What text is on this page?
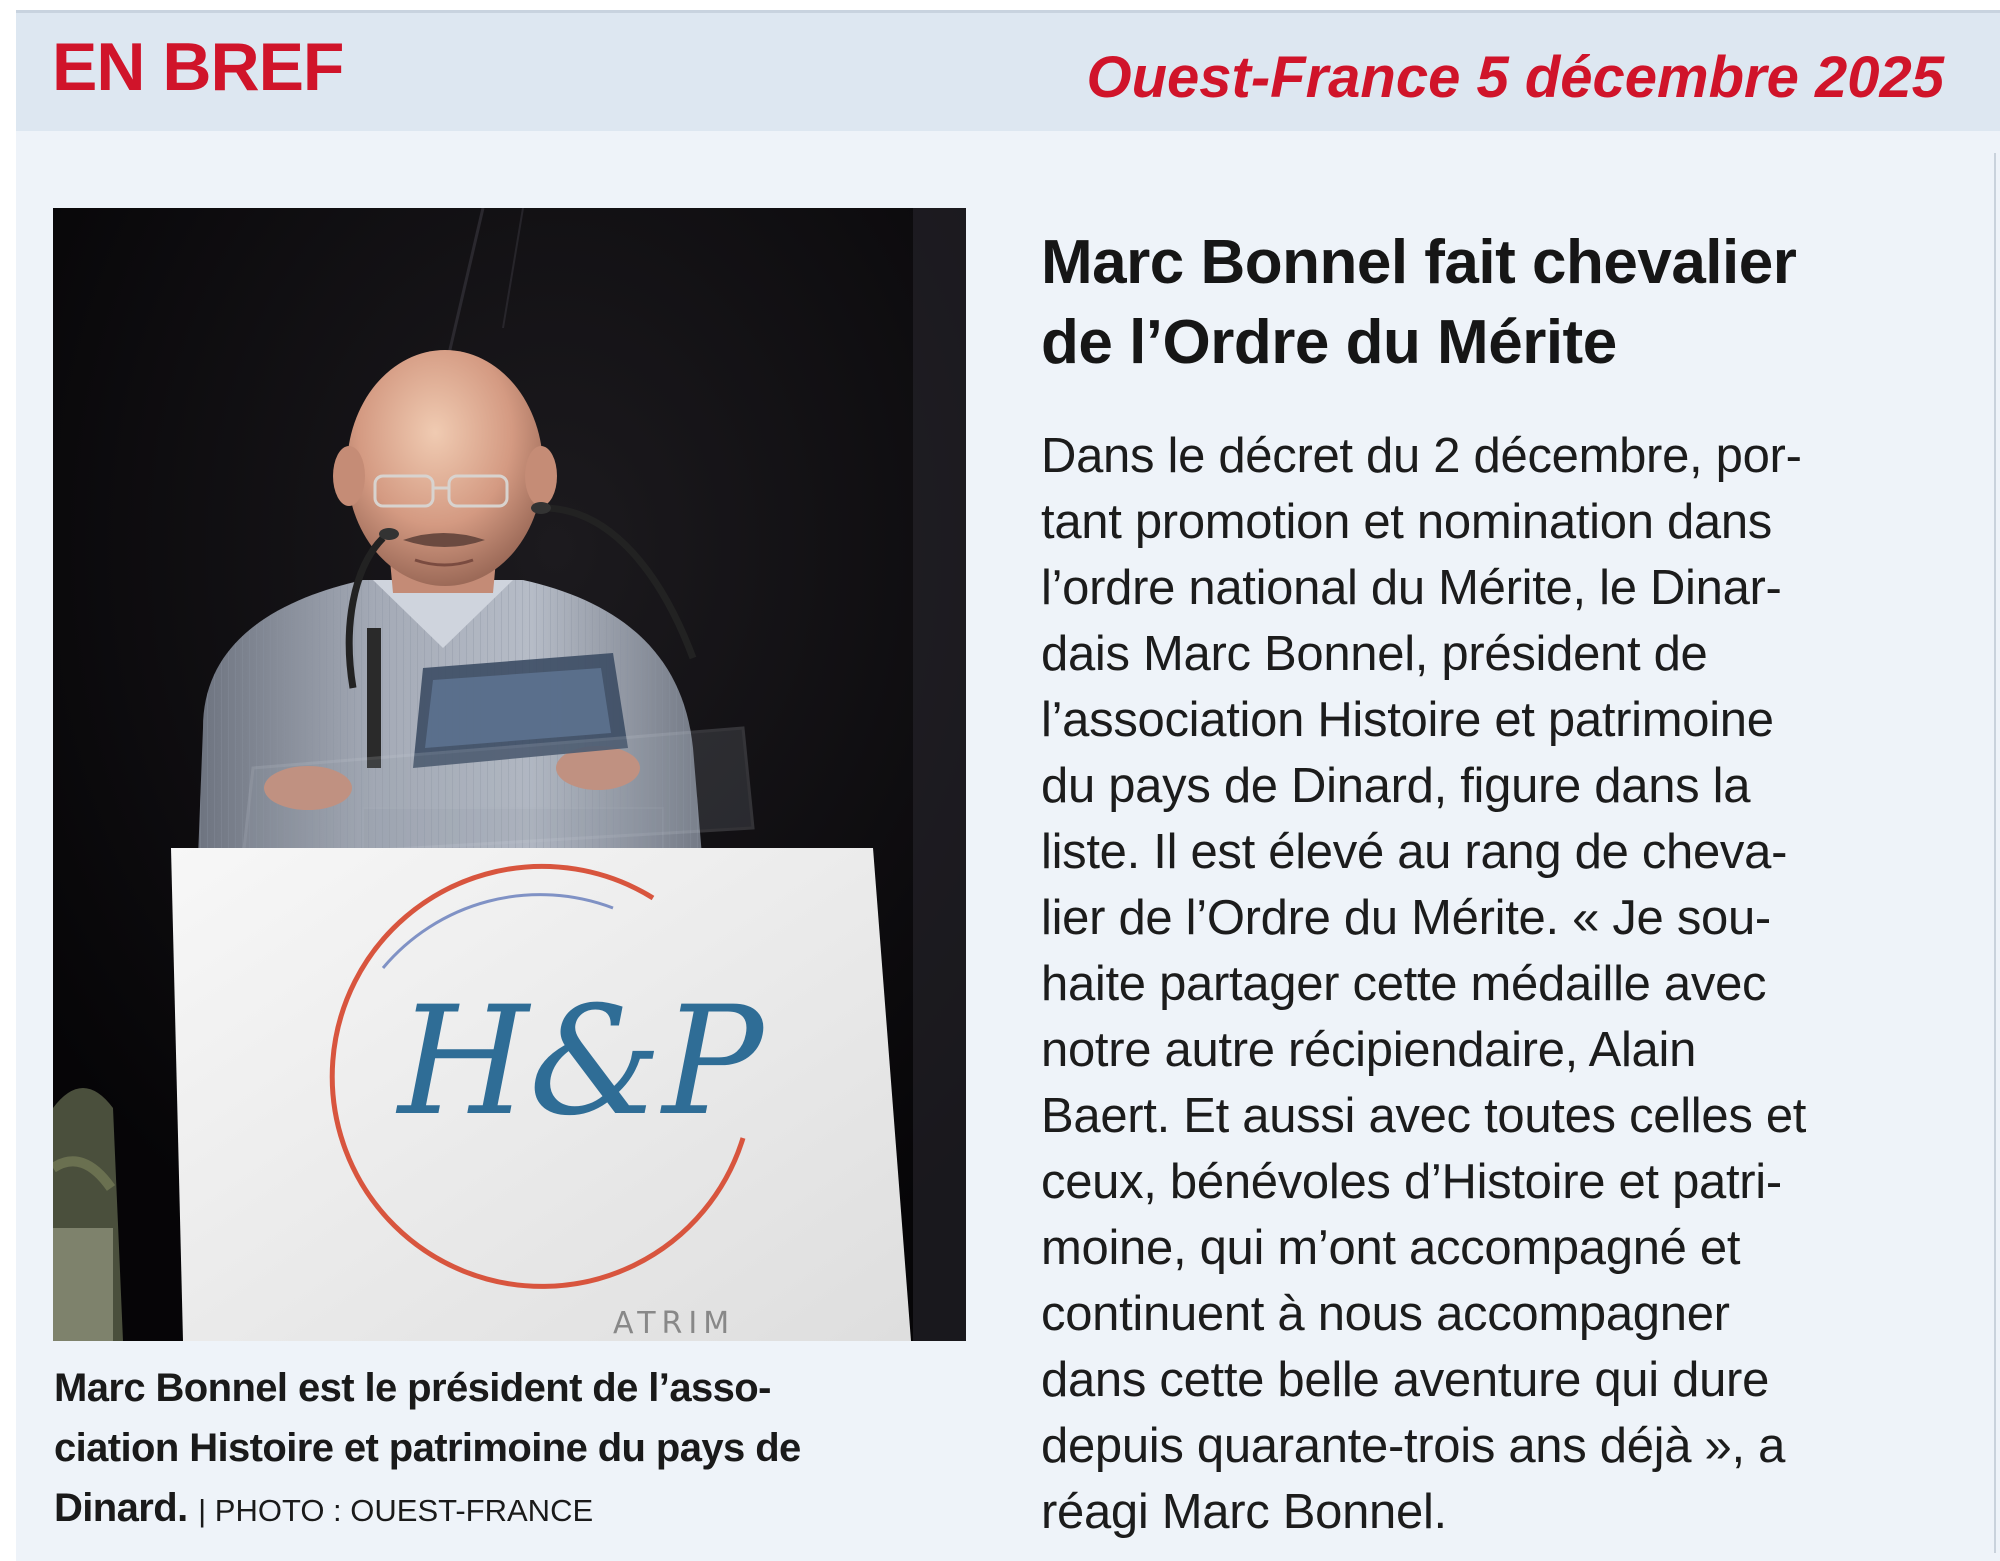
EN BREF	Ouest-France 5 décembre 2025
H&P
ATRIM
Marc Bonnel est le président de l’asso-
ciation Histoire et patrimoine du pays de
Dinard. | PHOTO : OUEST-FRANCE
Marc Bonnel fait chevalier
de l’Ordre du Mérite
Dans le décret du 2 décembre, por-
tant promotion et nomination dans
l’ordre national du Mérite, le Dinar-
dais Marc Bonnel, président de
l’association Histoire et patrimoine
du pays de Dinard, figure dans la
liste. Il est élevé au rang de cheva-
lier de l’Ordre du Mérite. « Je sou-
haite partager cette médaille avec
notre autre récipiendaire, Alain
Baert. Et aussi avec toutes celles et
ceux, bénévoles d’Histoire et patri-
moine, qui m’ont accompagné et
continuent à nous accompagner
dans cette belle aventure qui dure
depuis quarante-trois ans déjà », a
réagi Marc Bonnel.
